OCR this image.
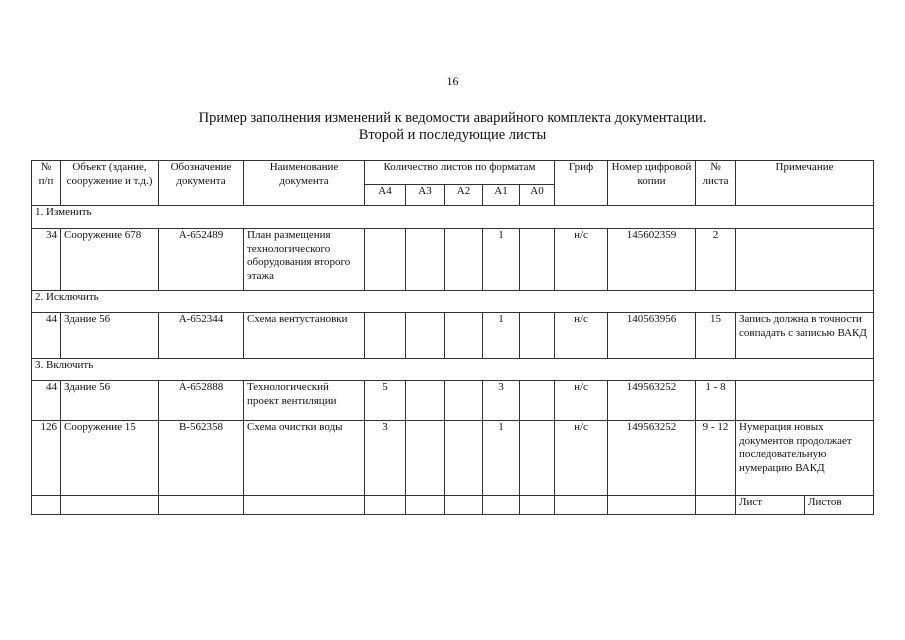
16
Пример заполнения изменений к ведомости аварийного комплекта документации.
Второй и последующие листы
№ п/п	Объект (здание, сооружение и т.д.)	Обозначение документа	Наименование документа	Количество листов по форматам					Гриф	Номер цифровой копии	№ листа	Примечание	
				А4	А3	А2	А1	А0					
1. Изменить													
34	Сооружение 678	А-652489	План размещения технологического оборудования второго этажа				1		н/с	145602359	2		
2. Исключить													
44	Здание 56	А-652344	Схема вентустановки				1		н/с	140563956	15	Запись должна в точности совпадать с записью ВАКД	
3. Включить													
44	Здание 56	А-652888	Технологический проект вентиляции	5			3		н/с	149563252	1 - 8		
126	Сооружение 15	В-562358	Схема очистки воды	3			1		н/с	149563252	9 - 12	Нумерация новых документов продолжает последовательную нумерацию ВАКД	
												Лист	Листов
